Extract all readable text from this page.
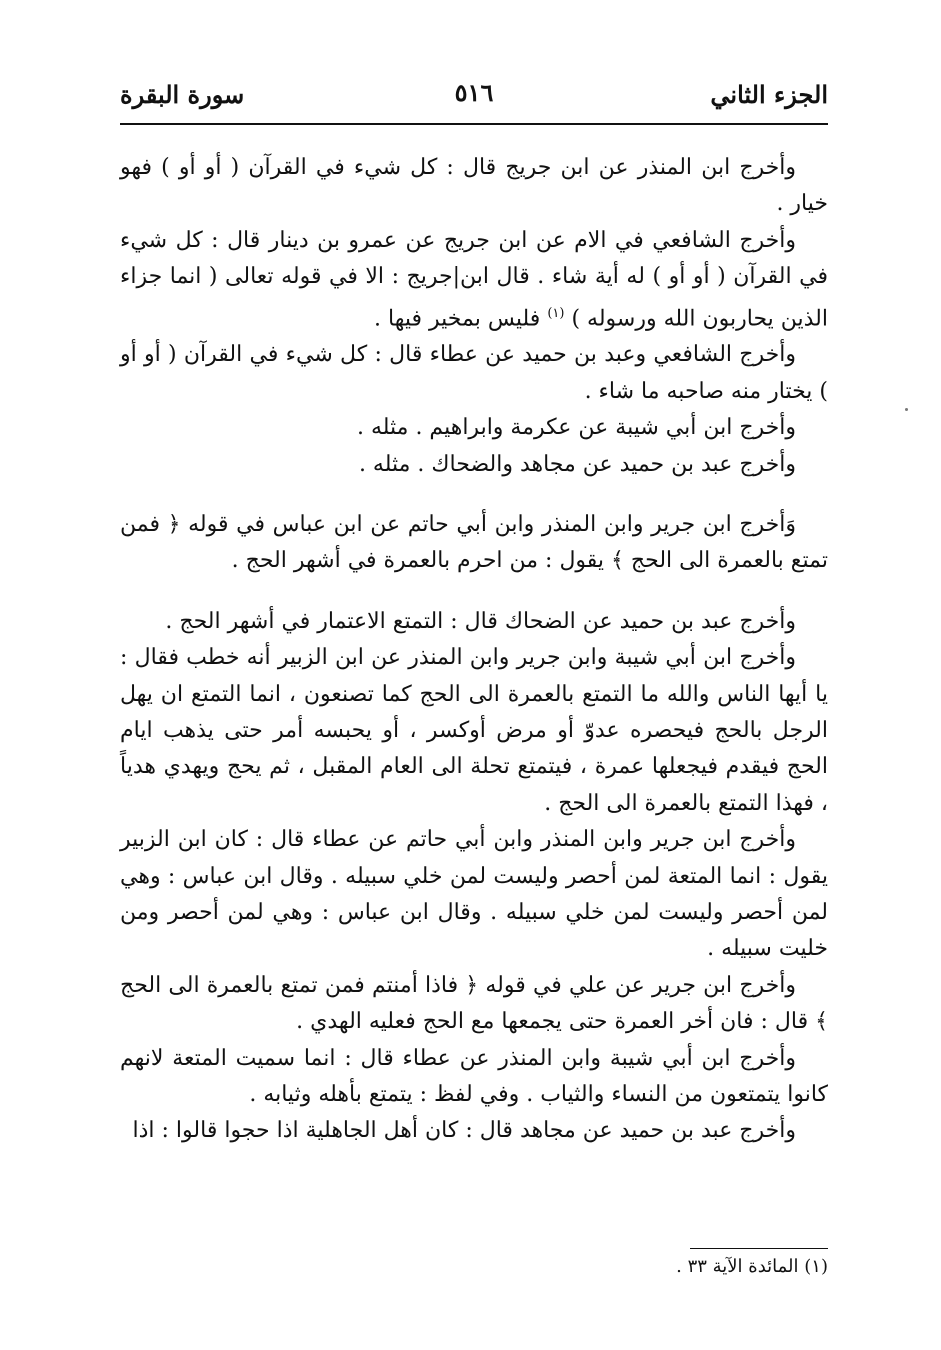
الجزء الثاني
٥١٦
سورة البقرة

وأخرج ابن المنذر عن ابن جريج قال : كل شيء في القرآن ( أو أو ) فهو خيار .

وأخرج الشافعي في الام عن ابن جريج عن عمرو بن دينار قال : كل شيء في القرآن ( أو أو ) له أية شاء . قال ابن|جريج : الا في قوله تعالى ( انما جزاء الذين يحاربون الله ورسوله ) $^{(١)}$ فليس بمخير فيها .

وأخرج الشافعي وعبد بن حميد عن عطاء قال : كل شيء في القرآن ( أو أو ) يختار منه صاحبه ما شاء .

وأخرج ابن أبي شيبة عن عكرمة وابراهيم . مثله .

وأخرج عبد بن حميد عن مجاهد والضحاك . مثله .

وَأخرج ابن جرير وابن المنذر وابن أبي حاتم عن ابن عباس في قوله ﴿ فمن تمتع بالعمرة الى الحج ﴾ يقول : من احرم بالعمرة في أشهر الحج .

وأخرج عبد بن حميد عن الضحاك قال : التمتع الاعتمار في أشهر الحج .

وأخرج ابن أبي شيبة وابن جرير وابن المنذر عن ابن الزبير أنه خطب فقال : يا أيها الناس والله ما التمتع بالعمرة الى الحج كما تصنعون ، انما التمتع ان يهل الرجل بالحج فيحصره عدوّ أو مرض أوكسر ، أو يحبسه أمر حتى يذهب ايام الحج فيقدم فيجعلها عمرة ، فيتمتع تحلة الى العام المقبل ، ثم يحج ويهدي هدياً ، فهذا التمتع بالعمرة الى الحج .

وأخرج ابن جرير وابن المنذر وابن أبي حاتم عن عطاء قال : كان ابن الزبير يقول : انما المتعة لمن أحصر وليست لمن خلي سبيله . وقال ابن عباس : وهي لمن أحصر وليست لمن خلي سبيله . وقال ابن عباس : وهي لمن أحصر ومن خليت سبيله .

وأخرج ابن جرير عن علي في قوله ﴿ فاذا أمنتم فمن تمتع بالعمرة الى الحج ﴾ قال : فان أخر العمرة حتى يجمعها مع الحج فعليه الهدي .

وأخرج ابن أبي شيبة وابن المنذر عن عطاء قال : انما سميت المتعة لانهم كانوا يتمتعون من النساء والثياب . وفي لفظ : يتمتع بأهله وثيابه .

وأخرج عبد بن حميد عن مجاهد قال : كان أهل الجاهلية اذا حجوا قالوا : اذا

(١) المائدة الآية ٣٣ .
